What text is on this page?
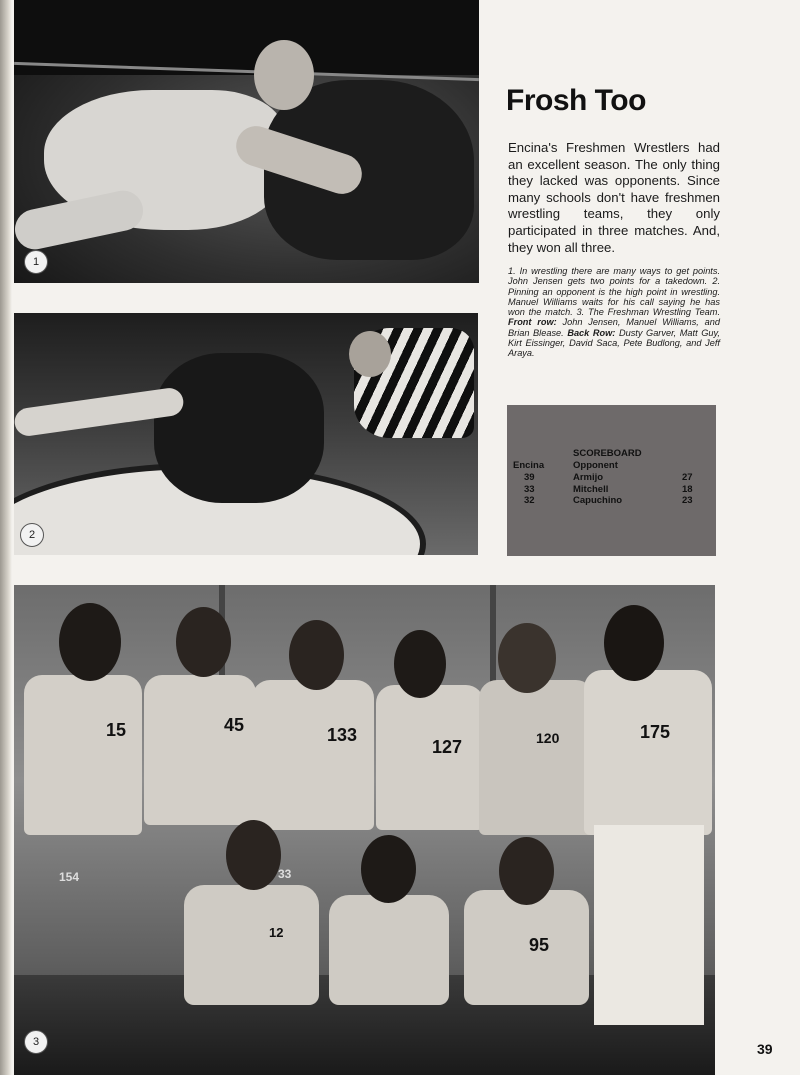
1
2
15	45	133
127	120	175
12
95
154	33
3
Frosh Too

Encina's Freshmen Wrestlers had an excellent season. The only thing they lacked was opponents. Since many schools don't have freshmen wrestling teams, they only participated in three matches. And, they won all three.

1. In wrestling there are many ways to get points. John Jensen gets two points for a takedown. 2. Pinning an opponent is the high point in wrestling. Manuel Williams waits for his call saying he has won the match. 3. The Freshman Wrestling Team. Front row: John Jensen, Manuel Williams, and Brian Blease. Back Row: Dusty Garver, Matt Guy, Kirt Eissinger, David Saca, Pete Budlong, and Jeff Araya.

SCOREBOARD
Encina	Opponent
39	Armijo	27
33	Mitchell	18
32	Capuchino	23
39
